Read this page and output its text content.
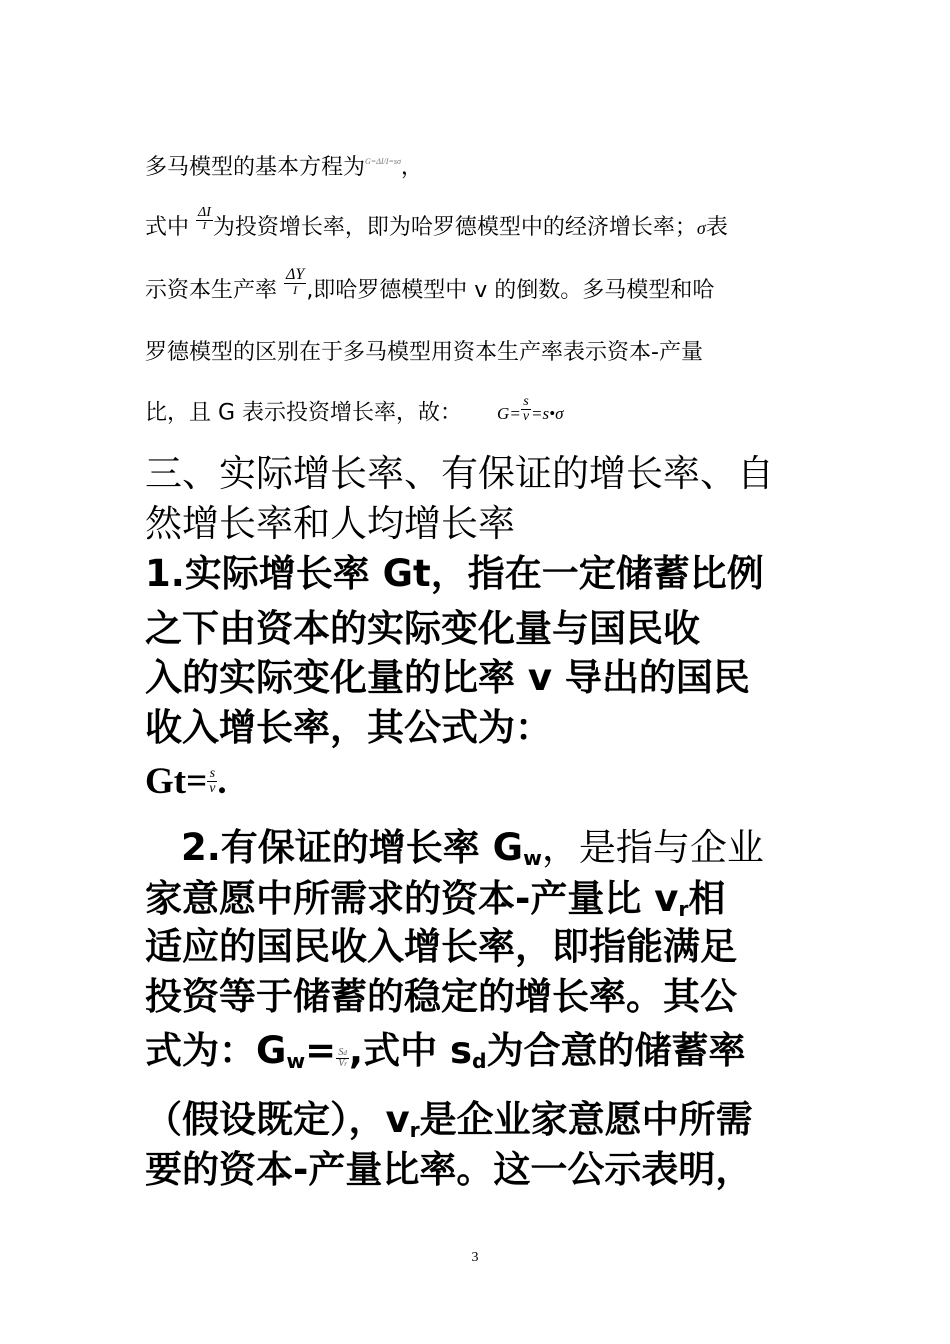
多马模型的基本方程为$^{G=\Delta I/I=s\sigma}$，
式中 $\frac{\Delta I}{I}$ 为投资增长率，即为哈罗德模型中的经济增长率；σ表
示资本生产率 $\frac{\Delta Y}{I}$ ,即哈罗德模型中 v 的倒数。多马模型和哈
罗德模型的区别在于多马模型用资本生产率表示资本-产量
比，且 G 表示投资增长率，故： $G= \frac{s}{v}$ =s•σ
三、实际增长率、有保证的增长率、自
然增长率和人均增长率
1.实际增长率 Gt，指在一定储蓄比例
之下由资本的实际变化量与国民收
入的实际变化量的比率 v 导出的国民
收入增长率，其公式为：
$Gt= \frac{s}{v}$ .
2.有保证的增长率 $G_w$，是指与企业
家意愿中所需求的资本-产量比 $v_r$相
适应的国民收入增长率，即指能满足
投资等于储蓄的稳定的增长率。其公
式为：$G_w= \frac{Sd}{Vr}$ ,式中 $s_d$为合意的储蓄率
（假设既定），$v_r$是企业家意愿中所需
要的资本-产量比率。这一公示表明，
3
